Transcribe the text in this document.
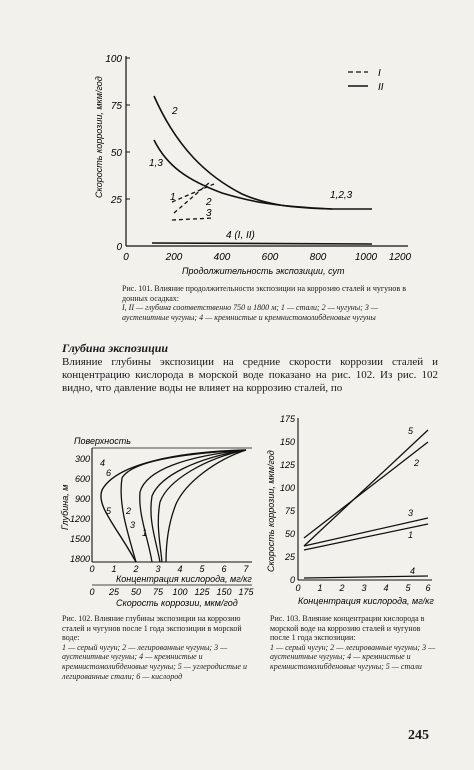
100
75
50
25
0
0	200	400	600	800	1000 1200
Скорость коррозии, мкм/год
Продолжительность экспозиции, сут
I
II
2
1,3
1,2,3
4 (I, II)
1	2
3
Рис. 101. Влияние продолжительности экспозиции на коррозию сталей и чугунов в донных осадках:
I, II — глубина соответственно 750 и 1800 м; 1 — стали; 2 — чугуны; 3 — аустенитные чугуны; 4 — кремнистые и кремнистомолибденовые чугуны
Глубина экспозиции
Влияние глубины экспозиции на средние скорости коррозии сталей и концентрацию кислорода в морской воде показано на рис. 102. Из рис. 102 видно, что давление воды не влияет на коррозию сталей, по
Поверхность
300
600
900
1200
1500
1800
Глубина, м
4
6
5 2
3
1
0 1 2 3 4 5 6 7
Концентрация кислорода, мг/кг
0 25 50 75 100 125 150 175
Скорость коррозии, мкм/год
Рис. 102. Влияние глубины экспозиции на коррозию сталей и чугунов после 1 года экспозиции в морской воде:
1 — серый чугун; 2 — легированные чугуны; 3 — аустенитные чугуны; 4 — кремнистые и кремнистомолибденовые чугуны; 5 — углеродистые и легированные стали; 6 — кислород
175
150
125
100
75
50
25
0
Скорость коррозии, мкм/год
5
2
3
1
4
0 1 2 3 4 5 6
Концентрация кислорода, мг/кг
Рис. 103. Влияние концентрации кислорода в морской воде на коррозию сталей и чугунов после 1 года экспозиции:
1 — серый чугун; 2 — легированные чугуны; 3 — аустенитные чугуны; 4 — кремнистые и кремнистомолибденовые чугуны; 5 — стали
245
